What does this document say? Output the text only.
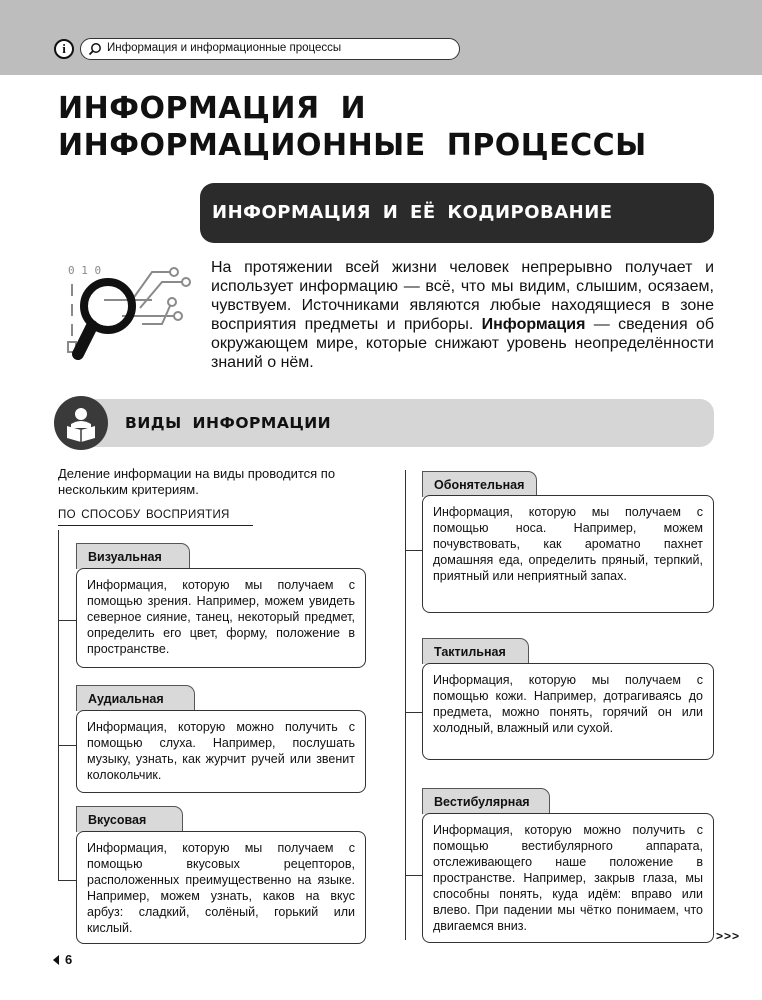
i	Информация и информационные процессы
ИНФОРМАЦИЯ И ИНФОРМАЦИОННЫЕ ПРОЦЕССЫ
ИНФОРМАЦИЯ И ЕЁ КОДИРОВАНИЕ
0 1 0	На протяжении всей жизни человек непрерывно получает и использует информацию — всё, что мы видим, слышим, осязаем, чувствуем. Источниками являются любые находящиеся в зоне восприятия предметы и приборы. Информация — сведения об окружающем мире, которые снижают уровень неопределённости знаний о нём.

ВИДЫ ИНФОРМАЦИИ

Деление информации на виды проводится по нескольким критериям.

ПО СПОСОБУ ВОСПРИЯТИЯ
Визуальная
Информация, которую мы получаем с помощью зрения. Например, можем увидеть северное сияние, танец, некоторый предмет, определить его цвет, форму, положение в пространстве.
Аудиальная
Информация, которую можно получить с помощью слуха. Например, послушать музыку, узнать, как журчит ручей или звенит колокольчик.
Вкусовая
Информация, которую мы получаем с помощью вкусовых рецепторов, расположенных преимущественно на языке. Например, можем узнать, каков на вкус арбуз: сладкий, солёный, горький или кислый.
Обонятельная
Информация, которую мы получаем с помощью носа. Например, можем почувствовать, как ароматно пахнет домашняя еда, определить пряный, терпкий, приятный или неприятный запах.
Тактильная
Информация, которую мы получаем с помощью кожи. Например, дотрагиваясь до предмета, можно понять, горячий он или холодный, влажный или сухой.
Вестибулярная
Информация, которую можно получить с помощью вестибулярного аппарата, отслеживающего наше положение в пространстве. Например, закрыв глаза, мы способны понять, куда идём: вправо или влево. При падении мы чётко понимаем, что двигаемся вниз.
6
>>>
